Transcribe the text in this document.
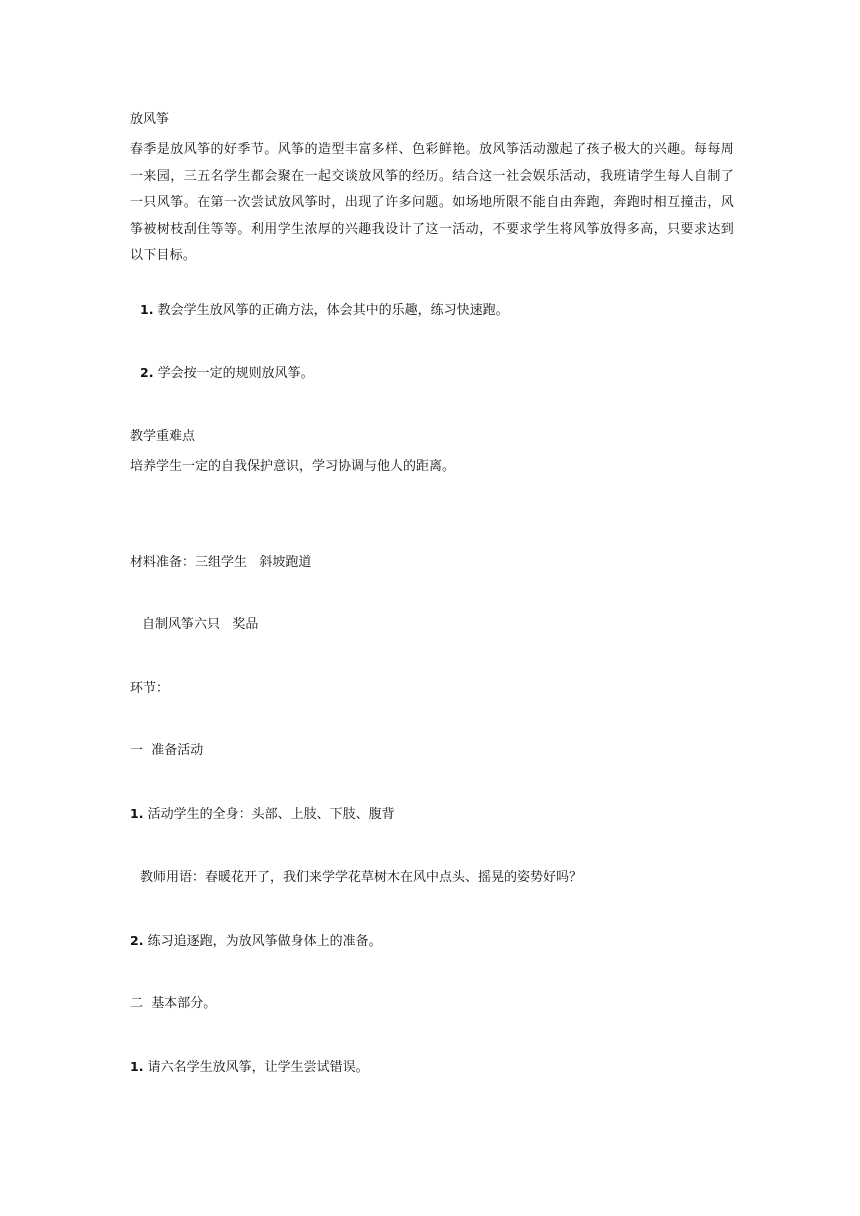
放风筝
春季是放风筝的好季节。风筝的造型丰富多样、色彩鲜艳。放风筝活动激起了孩子极大的兴趣。每每周一来园，三五名学生都会聚在一起交谈放风筝的经历。结合这一社会娱乐活动，我班请学生每人自制了一只风筝。在第一次尝试放风筝时，出现了许多问题。如场地所限不能自由奔跑，奔跑时相互撞击，风筝被树枝刮住等等。利用学生浓厚的兴趣我设计了这一活动，不要求学生将风筝放得多高，只要求达到以下目标。
1. 教会学生放风筝的正确方法，体会其中的乐趣，练习快速跑。
2. 学会按一定的规则放风筝。
教学重难点
培养学生一定的自我保护意识，学习协调与他人的距离。
材料准备：三组学生   斜坡跑道
自制风筝六只   奖品
环节：
一  准备活动
1. 活动学生的全身：头部、上肢、下肢、腹背
教师用语：春暖花开了，我们来学学花草树木在风中点头、摇晃的姿势好吗？
2. 练习追逐跑，为放风筝做身体上的准备。
二  基本部分。
1. 请六名学生放风筝，让学生尝试错误。
